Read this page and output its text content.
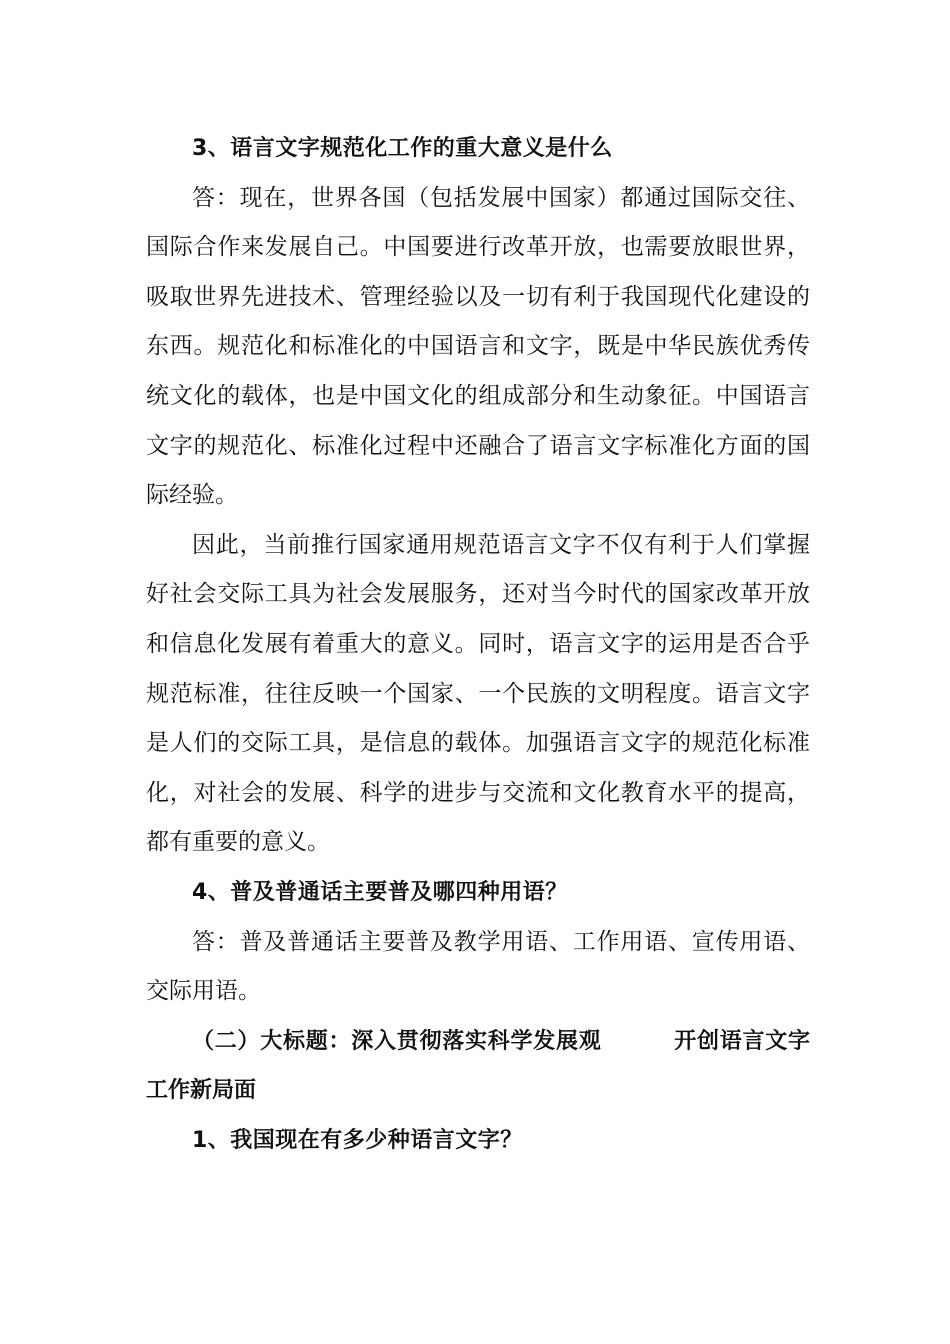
3、语言文字规范化工作的重大意义是什么

答：现在，世界各国（包括发展中国家）都通过国际交往、国际合作来发展自己。中国要进行改革开放，也需要放眼世界，吸取世界先进技术、管理经验以及一切有利于我国现代化建设的东西。规范化和标准化的中国语言和文字，既是中华民族优秀传统文化的载体，也是中国文化的组成部分和生动象征。中国语言文字的规范化、标准化过程中还融合了语言文字标准化方面的国际经验。

因此，当前推行国家通用规范语言文字不仅有利于人们掌握好社会交际工具为社会发展服务，还对当今时代的国家改革开放和信息化发展有着重大的意义。同时，语言文字的运用是否合乎规范标准，往往反映一个国家、一个民族的文明程度。语言文字是人们的交际工具，是信息的载体。加强语言文字的规范化标准化，对社会的发展、科学的进步与交流和文化教育水平的提高，都有重要的意义。

4、普及普通话主要普及哪四种用语？

答：普及普通话主要普及教学用语、工作用语、宣传用语、交际用语。

（二）大标题：深入贯彻落实科学发展观	开创语言文字工作新局面

1、我国现在有多少种语言文字？
